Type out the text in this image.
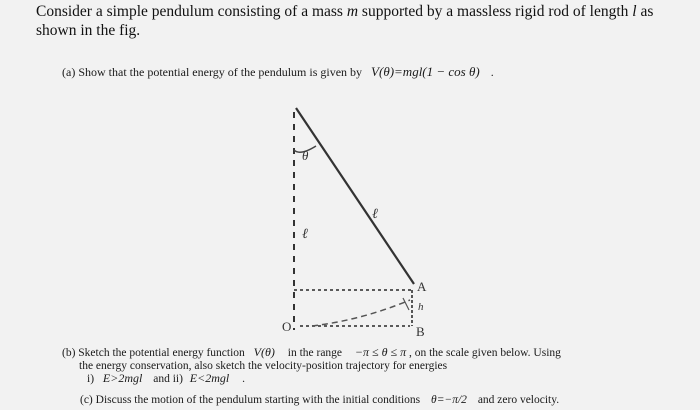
Consider a simple pendulum consisting of a mass m supported by a massless rigid rod of length l as shown in the fig.
(a) Show that the potential energy of the pendulum is given by V(θ)=mgl(1 − cos θ) .
θ
ℓ
ℓ
A
B
O
h
(b) Sketch the potential energy function V(θ) in the range −π ≤ θ ≤ π , on the scale given below. Using
the energy conservation, also sketch the velocity-position trajectory for energies
i) E>2mgl and ii) E<2mgl .
(c) Discuss the motion of the pendulum starting with the initial conditions θ=−π/2 and zero velocity.
